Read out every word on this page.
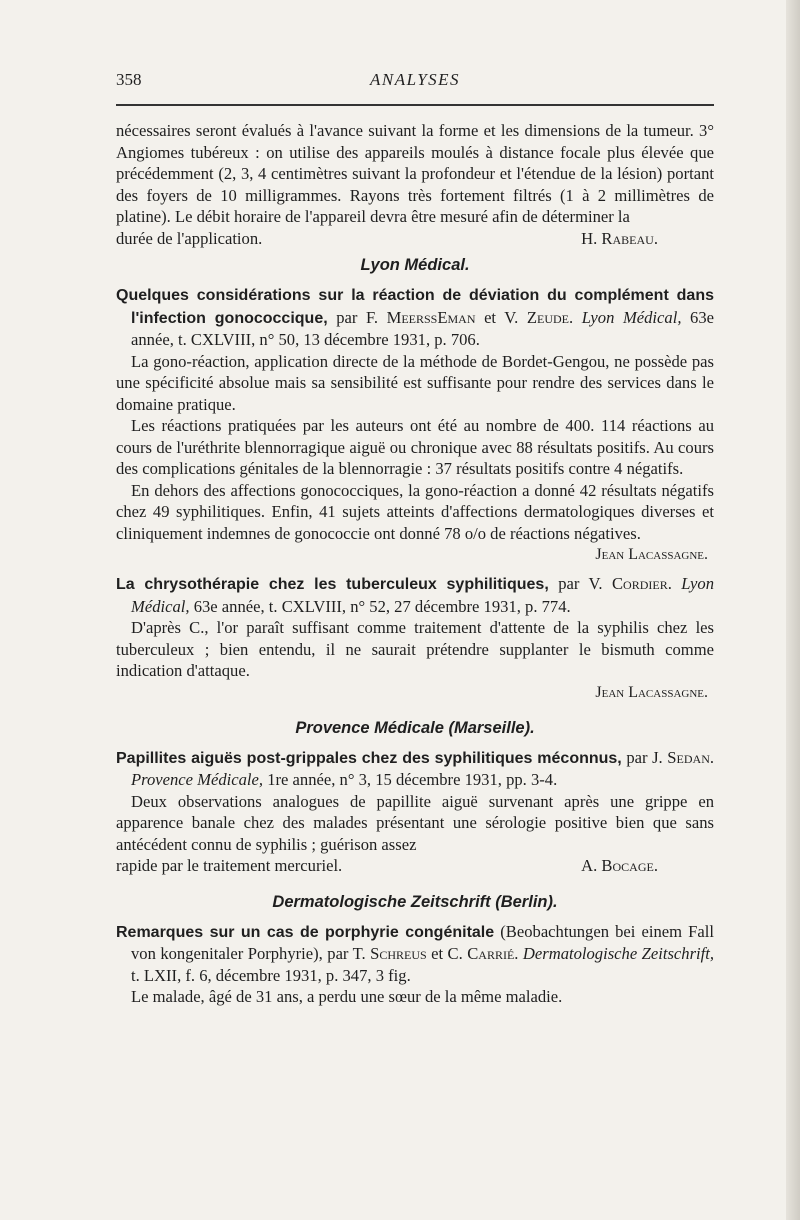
358	ANALYSES

nécessaires seront évalués à l'avance suivant la forme et les dimensions de la tumeur. 3° Angiomes tubéreux : on utilise des appareils moulés à distance focale plus élevée que précédemment (2, 3, 4 centimètres suivant la profondeur et l'étendue de la lésion) portant des foyers de 10 milligrammes. Rayons très fortement filtrés (1 à 2 millimètres de platine). Le débit horaire de l'appareil devra être mesuré afin de déterminer la

durée de l'application.	H. Rabeau.
Lyon Médical.

Quelques considérations sur la réaction de déviation du complément dans l'infection gonococcique, par F. MeerssEman et V. Zeude. Lyon Médical, 63e année, t. CXLVIII, n° 50, 13 décembre 1931, p. 706.

La gono-réaction, application directe de la méthode de Bordet-Gengou, ne possède pas une spécificité absolue mais sa sensibilité est suffisante pour rendre des services dans le domaine pratique.

Les réactions pratiquées par les auteurs ont été au nombre de 400. 114 réactions au cours de l'uréthrite blennorragique aiguë ou chronique avec 88 résultats positifs. Au cours des complications génitales de la blennorragie : 37 résultats positifs contre 4 négatifs.

En dehors des affections gonococciques, la gono-réaction a donné 42 résultats négatifs chez 49 syphilitiques. Enfin, 41 sujets atteints d'affections dermatologiques diverses et cliniquement indemnes de gonococcie ont donné 78 o/o de réactions négatives.

Jean Lacassagne.

La chrysothérapie chez les tuberculeux syphilitiques, par V. Cordier. Lyon Médical, 63e année, t. CXLVIII, n° 52, 27 décembre 1931, p. 774.

D'après C., l'or paraît suffisant comme traitement d'attente de la syphilis chez les tuberculeux ; bien entendu, il ne saurait prétendre supplanter le bismuth comme indication d'attaque.

Jean Lacassagne.
Provence Médicale (Marseille).

Papillites aiguës post-grippales chez des syphilitiques méconnus, par J. Sedan. Provence Médicale, 1re année, n° 3, 15 décembre 1931, pp. 3-4.

Deux observations analogues de papillite aiguë survenant après une grippe en apparence banale chez des malades présentant une sérologie positive bien que sans antécédent connu de syphilis ; guérison assez

rapide par le traitement mercuriel.	A. Bocage.
Dermatologische Zeitschrift (Berlin).

Remarques sur un cas de porphyrie congénitale (Beobachtungen bei einem Fall von kongenitaler Porphyrie), par T. Schreus et C. Carrié. Dermatologische Zeitschrift, t. LXII, f. 6, décembre 1931, p. 347, 3 fig.

Le malade, âgé de 31 ans, a perdu une sœur de la même maladie.
